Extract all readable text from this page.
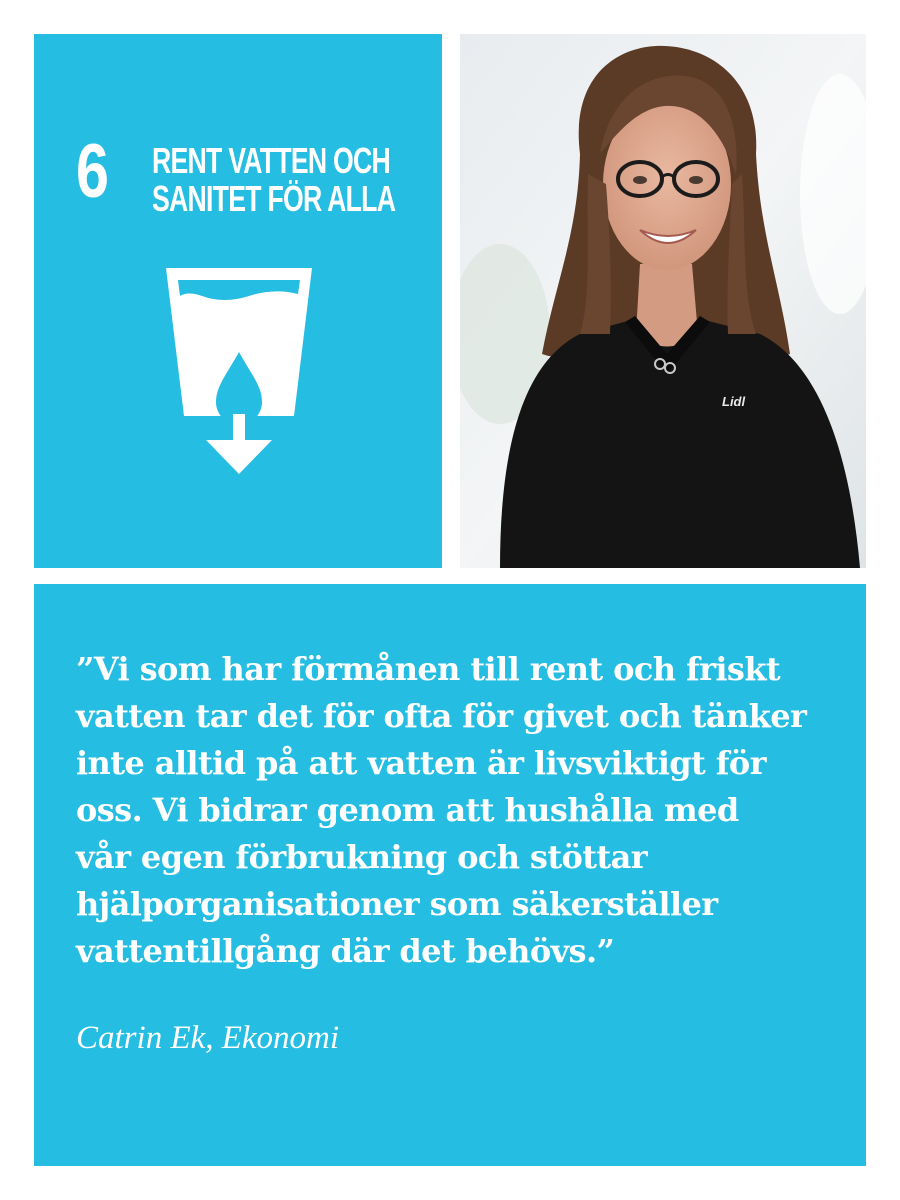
6 RENT VATTEN OCH
SANITET FÖR ALLA
Lidl
”Vi som har förmånen till rent och friskt
vatten tar det för ofta för givet och tänker
inte alltid på att vatten är livsviktigt för
oss. Vi bidrar genom att hushålla med
vår egen förbrukning och stöttar
hjälporganisationer som säkerställer
vattentillgång där det behövs.”
Catrin Ek, Ekonomi
